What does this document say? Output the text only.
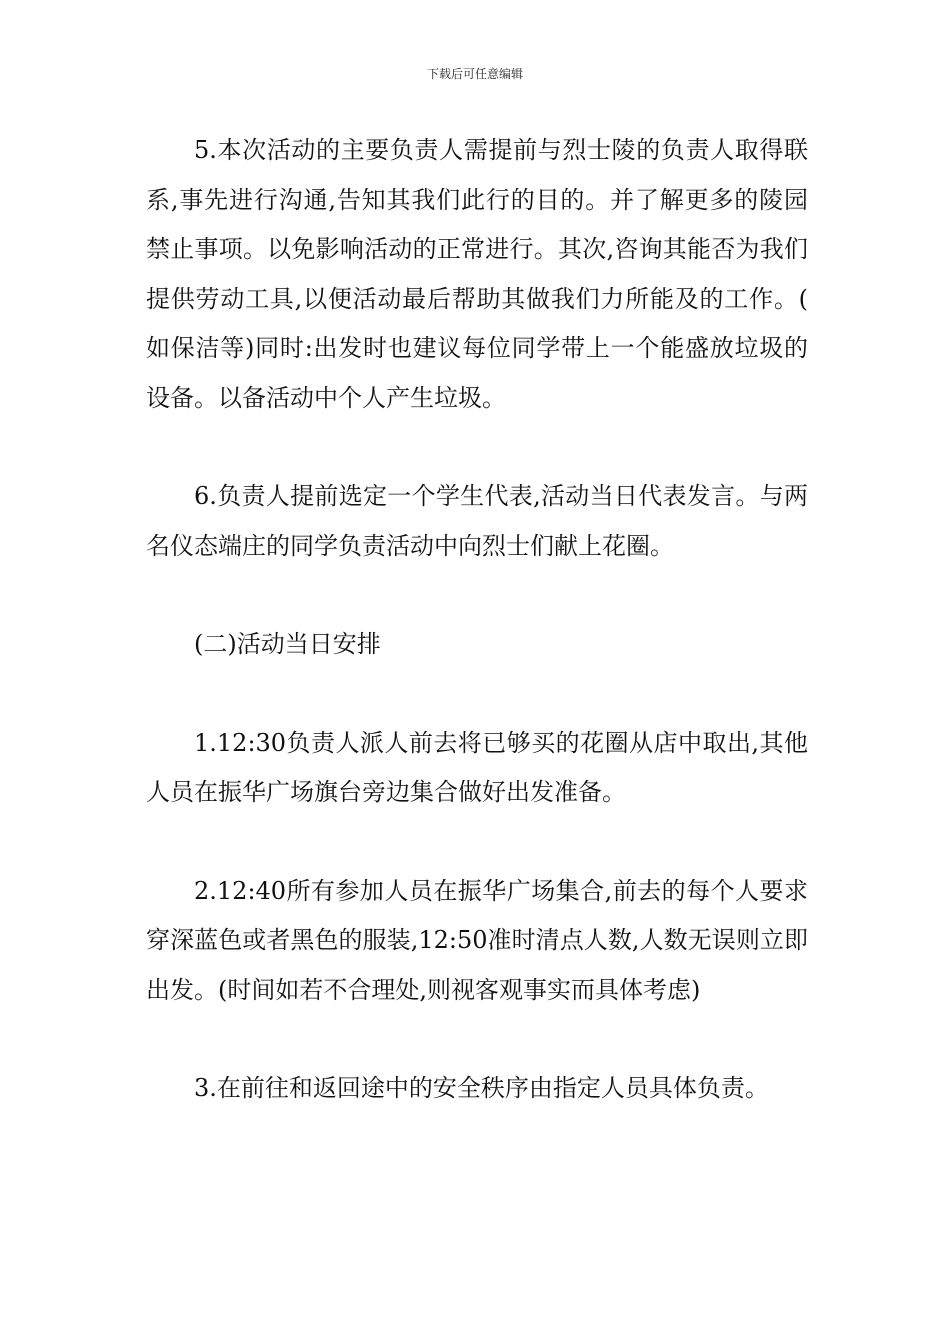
下载后可任意编辑

5.本次活动的主要负责人需提前与烈士陵的负责人取得联系,事先进行沟通,告知其我们此行的目的。并了解更多的陵园禁止事项。以免影响活动的正常进行。其次,咨询其能否为我们提供劳动工具,以便活动最后帮助其做我们力所能及的工作。(如保洁等)同时:出发时也建议每位同学带上一个能盛放垃圾的设备。以备活动中个人产生垃圾。

6.负责人提前选定一个学生代表,活动当日代表发言。与两名仪态端庄的同学负责活动中向烈士们献上花圈。

(二)活动当日安排

1.12:30负责人派人前去将已够买的花圈从店中取出,其他人员在振华广场旗台旁边集合做好出发准备。

2.12:40所有参加人员在振华广场集合,前去的每个人要求穿深蓝色或者黑色的服装,12:50准时清点人数,人数无误则立即出发。(时间如若不合理处,则视客观事实而具体考虑)

3.在前往和返回途中的安全秩序由指定人员具体负责。
